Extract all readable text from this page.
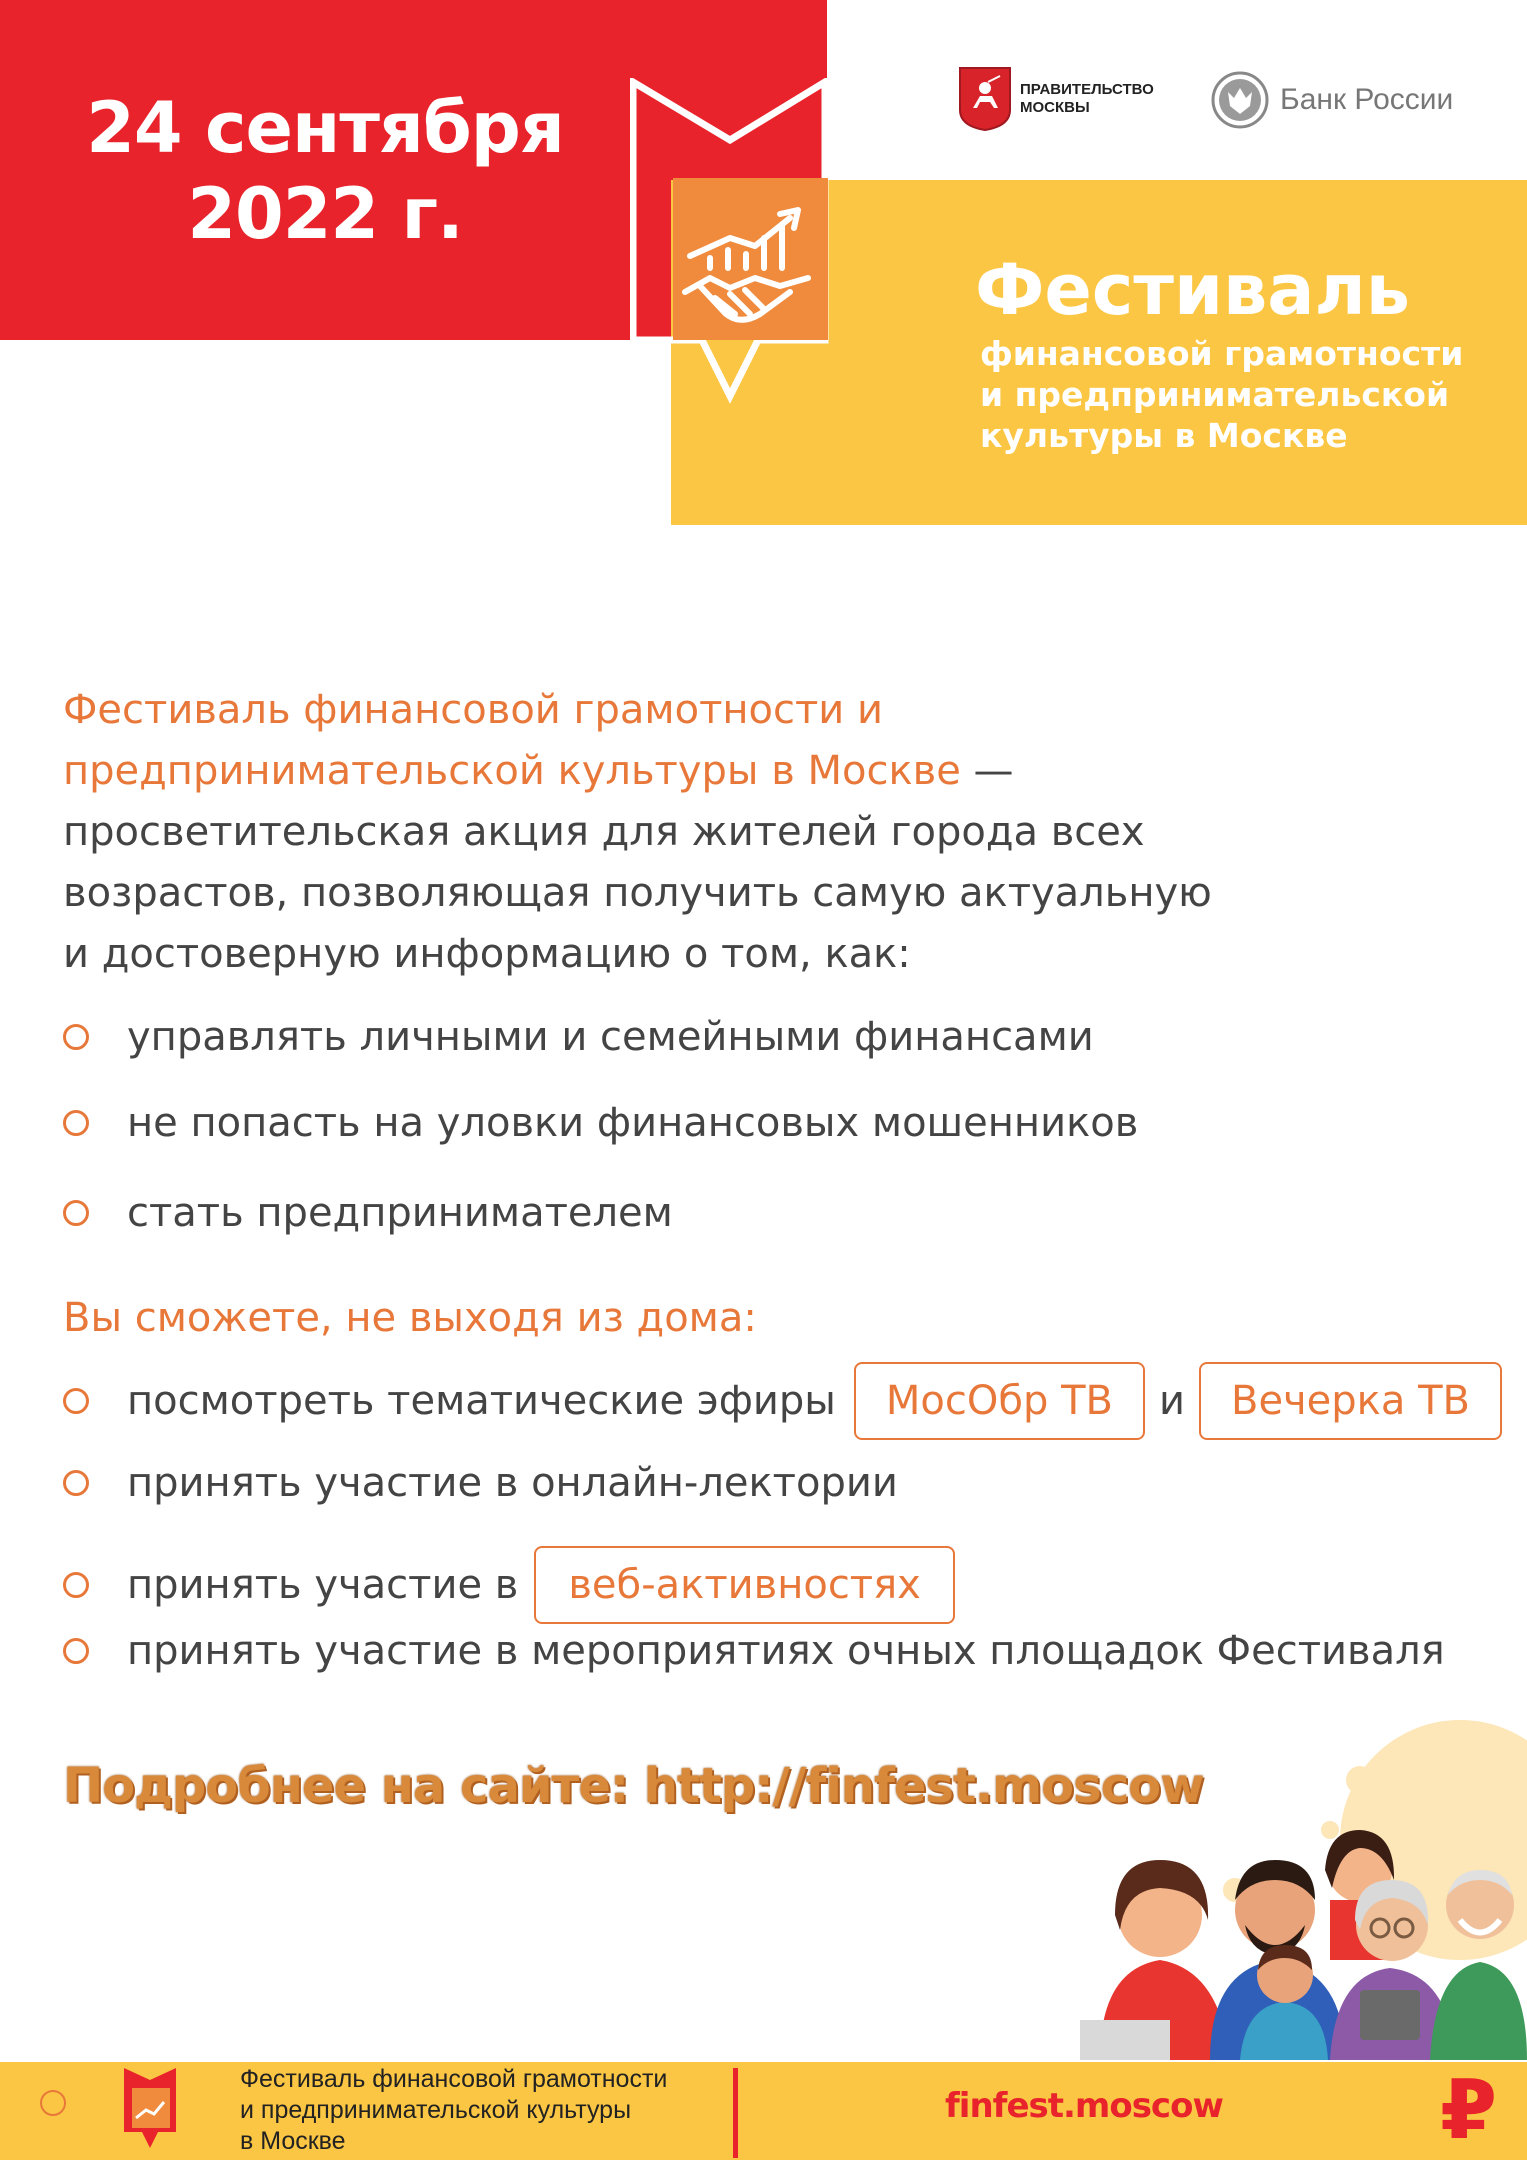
24 сентября
2022 г.
Фестиваль
финансовой грамотности
и предпринимательской
культуры в Москве
ПРАВИТЕЛЬСТВО
МОСКВЫ	Банк России
Фестиваль финансовой грамотности и предпринимательской культуры в Москве — просветительская акция для жителей города всех возрастов, позволяющая получить самую актуальную и достоверную информацию о том, как:
управлять личными и семейными финансами
не попасть на уловки финансовых мошенников
стать предпринимателем
Вы сможете, не выходя из дома:
посмотреть тематические эфиры	МосОбр ТВ	и	Вечерка ТВ
принять участие в онлайн-лектории
принять участие в	веб-активностях
принять участие в мероприятиях очных площадок Фестиваля
Подробнее на сайте: http://finfest.moscow
Фестиваль финансовой грамотности
и предпринимательской культуры
в Москве
finfest.moscow	₽
